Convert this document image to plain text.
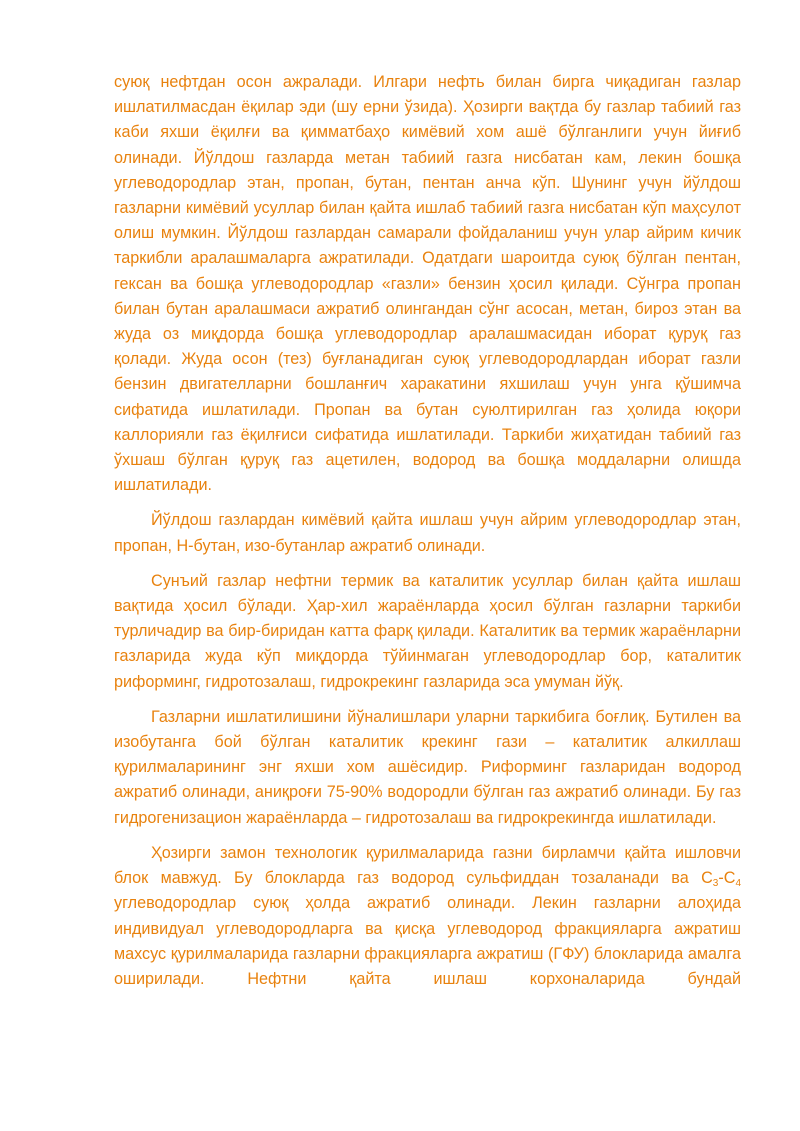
суюқ нефтдан осон ажралади. Илгари нефть билан бирга чиқадиган газлар ишлатилмасдан ёқилар эди (шу ерни ўзида). Ҳозирги вақтда бу газлар табиий газ каби яхши ёқилғи ва қимматбаҳо кимёвий хом ашё бўлганлиги учун йиғиб олинади. Йўлдош газларда метан табиий газга нисбатан кам, лекин бошқа углеводородлар этан, пропан, бутан, пентан анча кўп. Шунинг учун йўлдош газларни кимёвий усуллар билан қайта ишлаб табиий газга нисбатан кўп маҳсулот олиш мумкин. Йўлдош газлардан самарали фойдаланиш учун улар айрим кичик таркибли аралашмаларга ажратилади. Одатдаги шароитда суюқ бўлган пентан, гексан ва бошқа углеводородлар «газли» бензин ҳосил қилади. Сўнгра пропан билан бутан аралашмаси ажратиб олингандан сўнг асосан, метан, бироз этан ва жуда оз миқдорда бошқа углеводородлар аралашмасидан иборат қуруқ газ қолади. Жуда осон (тез) буғланадиган суюқ углеводородлардан иборат газли бензин двигателларни бошланғич харакатини яхшилаш учун унга қўшимча сифатида ишлатилади. Пропан ва бутан суюлтирилган газ ҳолида юқори каллорияли газ ёқилғиси сифатида ишлатилади. Таркиби жиҳатидан табиий газ ўхшаш бўлган қуруқ газ ацетилен, водород ва бошқа моддаларни олишда ишлатилади.

Йўлдош газлардан кимёвий қайта ишлаш учун айрим углеводородлар этан, пропан, Н-бутан, изо-бутанлар ажратиб олинади.

Сунъий газлар нефтни термик ва каталитик усуллар билан қайта ишлаш вақтида ҳосил бўлади. Ҳар-хил жараёнларда ҳосил бўлган газларни таркиби турличадир ва бир-биридан катта фарқ қилади. Каталитик ва термик жараёнларни газларида жуда кўп миқдорда тўйинмаган углеводородлар бор, каталитик риформинг, гидротозалаш, гидрокрекинг газларида эса умуман йўқ.

Газларни ишлатилишини йўналишлари уларни таркибига боғлиқ. Бутилен ва изобутанга бой бўлган каталитик крекинг гази – каталитик алкиллаш қурилмаларининг энг яхши хом ашёсидир. Риформинг газларидан водород ажратиб олинади, аниқроғи 75-90% водородли бўлган газ ажратиб олинади. Бу газ гидрогенизацион жараёнларда – гидротозалаш ва гидрокрекингда ишлатилади.

Ҳозирги замон технологик қурилмаларида газни бирламчи қайта ишловчи блок мавжуд. Бу блокларда газ водород сульфиддан тозаланади ва $С_3-С_4$ углеводородлар суюқ ҳолда ажратиб олинади. Лекин газларни алоҳида индивидуал углеводородларга ва қисқа углеводород фракцияларга ажратиш махсус қурилмаларида газларни фракцияларга ажратиш (ГФУ) блокларида амалга оширилади. Нефтни қайта ишлаш корхоналарида бундай
